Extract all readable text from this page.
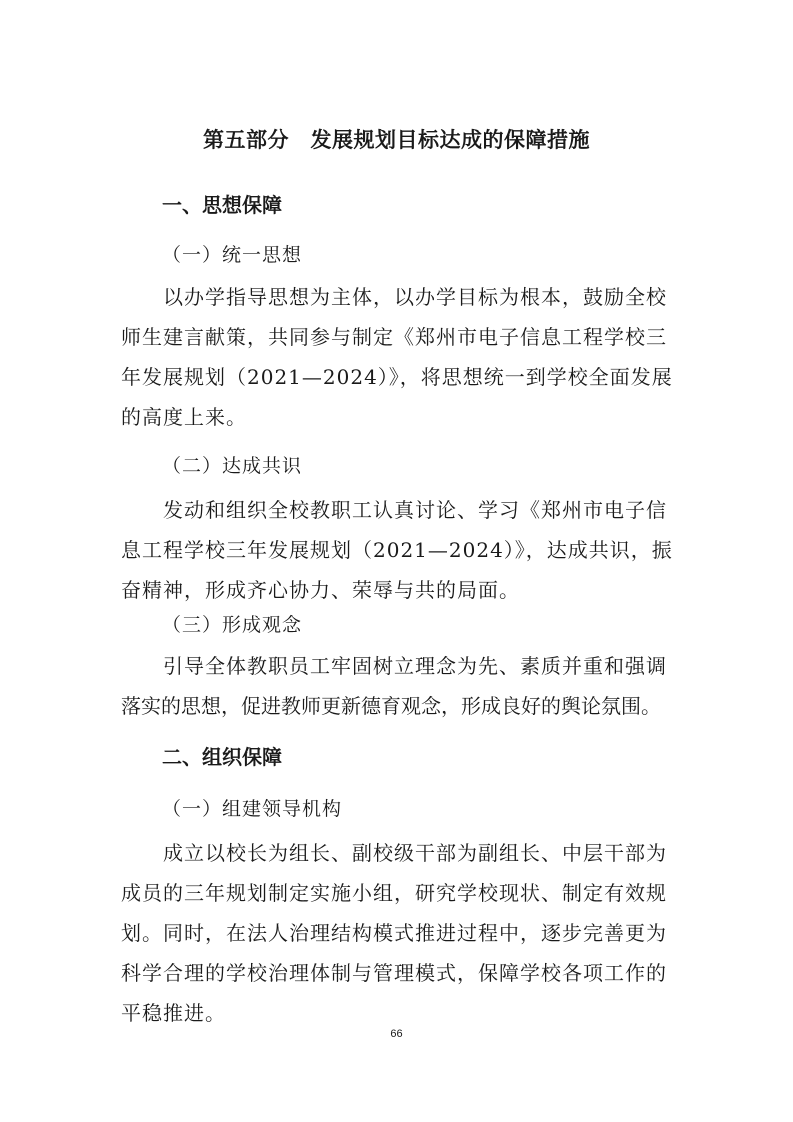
第五部分　发展规划目标达成的保障措施
一、思想保障
（一）统一思想
以办学指导思想为主体，以办学目标为根本，鼓励全校
师生建言献策，共同参与制定《郑州市电子信息工程学校三
年发展规划（2021—2024）》，将思想统一到学校全面发展
的高度上来。
（二）达成共识
发动和组织全校教职工认真讨论、学习《郑州市电子信
息工程学校三年发展规划（2021—2024）》，达成共识，振
奋精神，形成齐心协力、荣辱与共的局面。
（三）形成观念
引导全体教职员工牢固树立理念为先、素质并重和强调
落实的思想，促进教师更新德育观念，形成良好的舆论氛围。
二、组织保障
（一）组建领导机构
成立以校长为组长、副校级干部为副组长、中层干部为
成员的三年规划制定实施小组，研究学校现状、制定有效规
划。同时，在法人治理结构模式推进过程中，逐步完善更为
科学合理的学校治理体制与管理模式，保障学校各项工作的
平稳推进。
66
